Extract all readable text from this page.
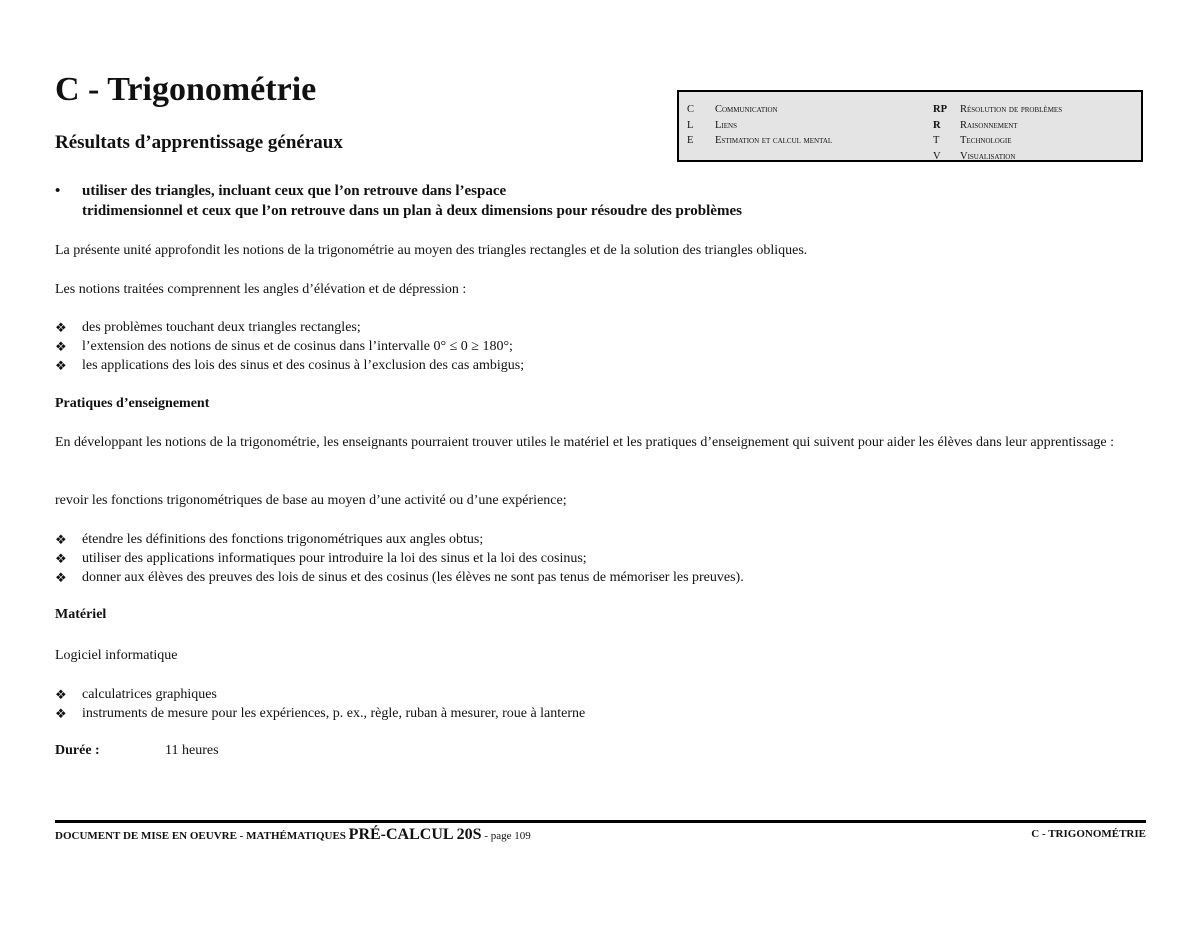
C - Trigonométrie
Résultats d’apprentissage généraux
C Communication
L Liens
E Estimation et calcul mental
RP Résolution de problèmes
R Raisonnement
T Technologie
V Visualisation
• utiliser des triangles, incluant ceux que l’on retrouve dans l’espace
tridimensionnel et ceux que l’on retrouve dans un plan à deux dimensions pour résoudre des problèmes
La présente unité approfondit les notions de la trigonométrie au moyen des triangles rectangles et de la solution des triangles obliques.
Les notions traitées comprennent les angles d’élévation et de dépression :
❖ des problèmes touchant deux triangles rectangles;
❖ l’extension des notions de sinus et de cosinus dans l’intervalle 0° ≤ 0 ≥ 180°;
❖ les applications des lois des sinus et des cosinus à l’exclusion des cas ambigus;
Pratiques d’enseignement
En développant les notions de la trigonométrie, les enseignants pourraient trouver utiles le matériel et les pratiques d’enseignement qui suivent pour aider les élèves dans leur apprentissage :
revoir les fonctions trigonométriques de base au moyen d’une activité ou d’une expérience;
❖ étendre les définitions des fonctions trigonométriques aux angles obtus;
❖ utiliser des applications informatiques pour introduire la loi des sinus et la loi des cosinus;
❖ donner aux élèves des preuves des lois de sinus et des cosinus (les élèves ne sont pas tenus de mémoriser les preuves).
Matériel
Logiciel informatique
❖ calculatrices graphiques
❖ instruments de mesure pour les expériences, p. ex., règle, ruban à mesurer, roue à lanterne
Durée :	11 heures
DOCUMENT DE MISE EN OEUVRE - MATHÉMATIQUES PRÉ-CALCUL 20S - page 109	C - TRIGONOMÉTRIE
